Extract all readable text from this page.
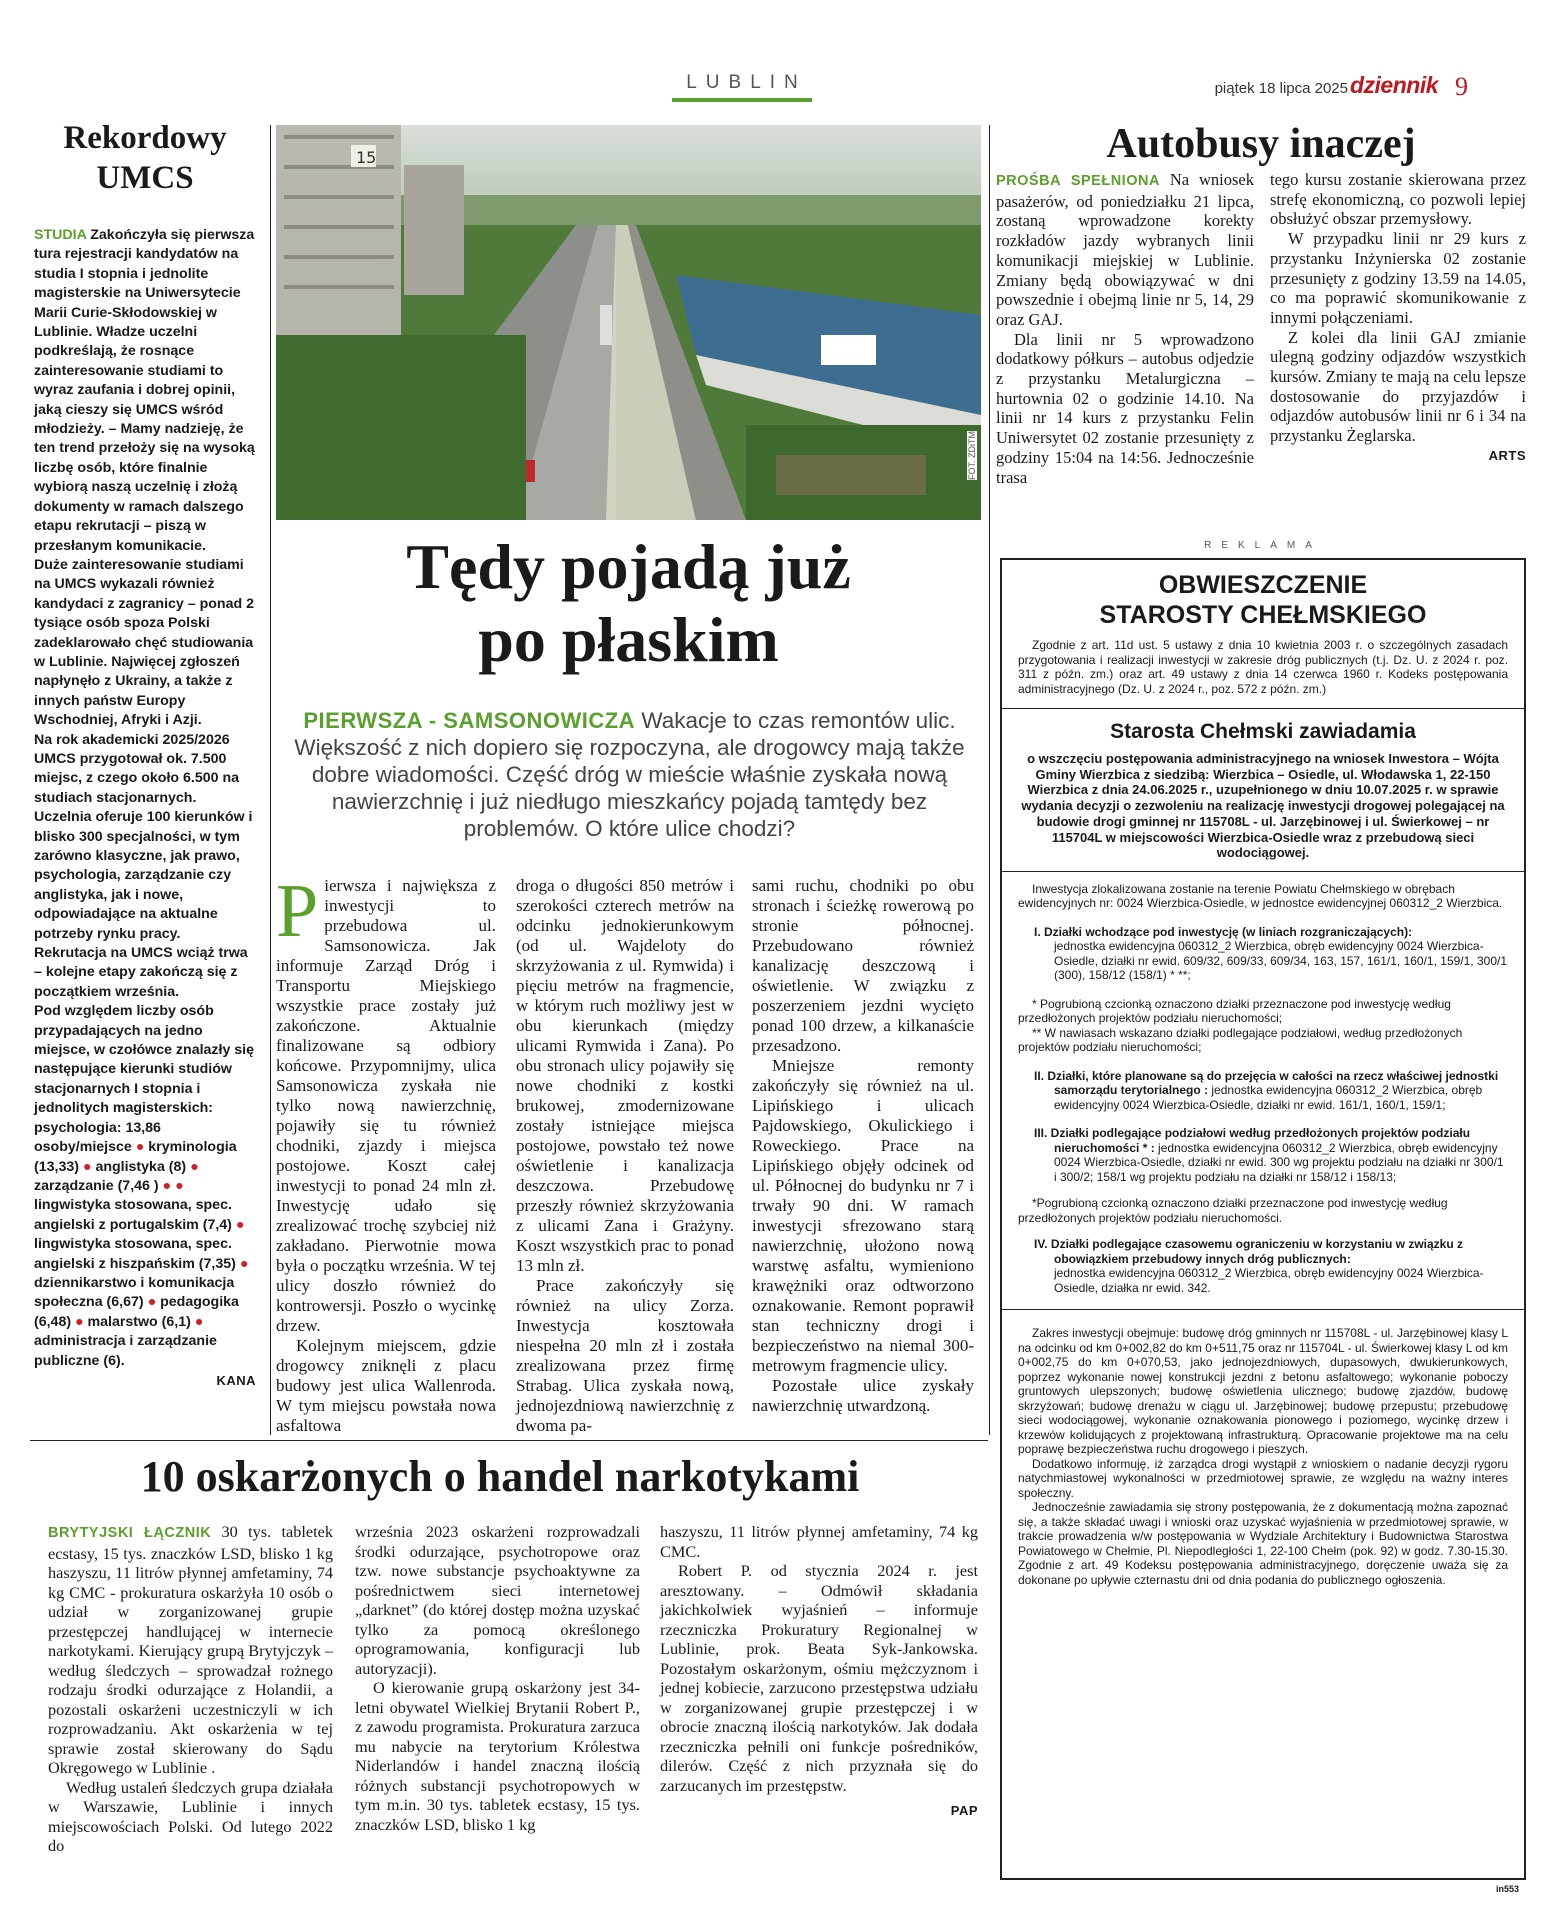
LUBLIN	piątek 18 lipca 2025 dziennik 9
Rekordowy UMCS

STUDIA Zakończyła się pierwsza tura rejestracji kandydatów na studia I stopnia i jednolite magisterskie na Uniwersytecie Marii Curie-Skłodowskiej w Lublinie. Władze uczelni podkreślają, że rosnące zainteresowanie studiami to wyraz zaufania i dobrej opinii, jaką cieszy się UMCS wśród młodzieży. – Mamy nadzieję, że ten trend przełoży się na wysoką liczbę osób, które finalnie wybiorą naszą uczelnię i złożą dokumenty w ramach dalszego etapu rekrutacji – piszą w przesłanym komunikacie.

Duże zainteresowanie studiami na UMCS wykazali również kandydaci z zagranicy – ponad 2 tysiące osób spoza Polski zadeklarowało chęć studiowania w Lublinie. Najwięcej zgłoszeń napłynęło z Ukrainy, a także z innych państw Europy Wschodniej, Afryki i Azji.

Na rok akademicki 2025/2026 UMCS przygotował ok. 7.500 miejsc, z czego około 6.500 na studiach stacjonarnych. Uczelnia oferuje 100 kierunków i blisko 300 specjalności, w tym zarówno klasyczne, jak prawo, psychologia, zarządzanie czy anglistyka, jak i nowe, odpowiadające na aktualne potrzeby rynku pracy.

Rekrutacja na UMCS wciąż trwa – kolejne etapy zakończą się z początkiem września.

Pod względem liczby osób przypadających na jedno miejsce, w czołówce znalazły się następujące kierunki studiów stacjonarnych I stopnia i jednolitych magisterskich: psychologia: 13,86 osoby/miejsce ● kryminologia (13,33) ● anglistyka (8) ● zarządzanie (7,46 ) ● ● lingwistyka stosowana, spec. angielski z portugalskim (7,4) ● lingwistyka stosowana, spec. angielski z hiszpańskim (7,35) ● dziennikarstwo i komunikacja społeczna (6,67) ● pedagogika (6,48) ● malarstwo (6,1) ● administracja i zarządzanie publiczne (6).

KANA
15
FOT. ZDiTM
Tędy pojadą już
po płaskim
PIERWSZA - SAMSONOWICZA Wakacje to czas remontów ulic. Większość z nich dopiero się rozpoczyna, ale drogowcy mają także dobre wiadomości. Część dróg w mieście właśnie zyskała nową nawierzchnię i już niedługo mieszkańcy pojadą tamtędy bez problemów. O które ulice chodzi?

Pierwsza i największa z inwestycji to przebudowa ul. Samsonowicza. Jak informuje Zarząd Dróg i Transportu Miejskiego wszystkie prace zostały już zakończone. Aktualnie finalizowane są odbiory końcowe. Przypomnijmy, ulica Samsonowicza zyskała nie tylko nową nawierzchnię, pojawiły się tu również chodniki, zjazdy i miejsca postojowe. Koszt całej inwestycji to ponad 24 mln zł. Inwestycję udało się zrealizować trochę szybciej niż zakładano. Pierwotnie mowa była o początku września. W tej ulicy doszło również do kontrowersji. Poszło o wycinkę drzew.

Kolejnym miejscem, gdzie drogowcy zniknęli z placu budowy jest ulica Wallenroda. W tym miejscu powstała nowa asfaltowa

droga o długości 850 metrów i szerokości czterech metrów na odcinku jednokierunkowym (od ul. Wajdeloty do skrzyżowania z ul. Rymwida) i pięciu metrów na fragmencie, w którym ruch możliwy jest w obu kierunkach (między ulicami Rymwida i Zana). Po obu stronach ulicy pojawiły się nowe chodniki z kostki brukowej, zmodernizowane zostały istniejące miejsca postojowe, powstało też nowe oświetlenie i kanalizacja deszczowa. Przebudowę przeszły również skrzyżowania z ulicami Zana i Grażyny. Koszt wszystkich prac to ponad 13 mln zł.

Prace zakończyły się również na ulicy Zorza. Inwestycja kosztowała niespełna 20 mln zł i została zrealizowana przez firmę Strabag. Ulica zyskała nową, jednojezdniową nawierzchnię z dwoma pa-

sami ruchu, chodniki po obu stronach i ścieżkę rowerową po stronie północnej. Przebudowano również kanalizację deszczową i oświetlenie. W związku z poszerzeniem jezdni wycięto ponad 100 drzew, a kilkanaście przesadzono.

Mniejsze remonty zakończyły się również na ul. Lipińskiego i ulicach Pajdowskiego, Okulickiego i Roweckiego. Prace na Lipińskiego objęły odcinek od ul. Północnej do budynku nr 7 i trwały 90 dni. W ramach inwestycji sfrezowano starą nawierzchnię, ułożono nową warstwę asfaltu, wymieniono krawężniki oraz odtworzono oznakowanie. Remont poprawił stan techniczny drogi i bezpieczeństwo na niemal 300-metrowym fragmencie ulicy.

Pozostałe ulice zyskały nawierzchnię utwardzoną.

Autobusy inaczej

PROŚBA SPEŁNIONA Na wniosek pasażerów, od poniedziałku 21 lipca, zostaną wprowadzone korekty rozkładów jazdy wybranych linii komunikacji miejskiej w Lublinie. Zmiany będą obowiązywać w dni powszednie i obejmą linie nr 5, 14, 29 oraz GAJ.

Dla linii nr 5 wprowadzono dodatkowy półkurs – autobus odjedzie z przystanku Metalurgiczna – hurtownia 02 o godzinie 14.10. Na linii nr 14 kurs z przystanku Felin Uniwersytet 02 zostanie przesunięty z godziny 15:04 na 14:56. Jednocześnie trasa

tego kursu zostanie skierowana przez strefę ekonomiczną, co pozwoli lepiej obsłużyć obszar przemysłowy.

W przypadku linii nr 29 kurs z przystanku Inżynierska 02 zostanie przesunięty z godziny 13.59 na 14.05, co ma poprawić skomunikowanie z innymi połączeniami.

Z kolei dla linii GAJ zmianie ulegną godziny odjazdów wszystkich kursów. Zmiany te mają na celu lepsze dostosowanie do przyjazdów i odjazdów autobusów linii nr 6 i 34 na przystanku Żeglarska.

ARTS
REKLAMA
OBWIESZCZENIE
STAROSTY CHEŁMSKIEGO

Zgodnie z art. 11d ust. 5 ustawy z dnia 10 kwietnia 2003 r. o szczególnych zasadach przygotowania i realizacji inwestycji w zakresie dróg publicznych (t.j. Dz. U. z 2024 r. poz. 311 z późn. zm.) oraz art. 49 ustawy z dnia 14 czerwca 1960 r. Kodeks postępowania administracyjnego (Dz. U. z 2024 r., poz. 572 z późn. zm.)

Starosta Chełmski zawiadamia

o wszczęciu postępowania administracyjnego na wniosek Inwestora – Wójta Gminy Wierzbica z siedzibą: Wierzbica – Osiedle, ul. Włodawska 1, 22-150 Wierzbica z dnia 24.06.2025 r., uzupełnionego w dniu 10.07.2025 r. w sprawie wydania decyzji o zezwoleniu na realizację inwestycji drogowej polegającej na budowie drogi gminnej nr 115708L - ul. Jarzębinowej i ul. Świerkowej – nr 115704L w miejscowości Wierzbica-Osiedle wraz z przebudową sieci wodociągowej.

Inwestycja zlokalizowana zostanie na terenie Powiatu Chełmskiego w obrębach ewidencyjnych nr: 0024 Wierzbica-Osiedle, w jednostce ewidencyjnej 060312_2 Wierzbica.

I. Działki wchodzące pod inwestycję (w liniach rozgraniczających):
jednostka ewidencyjna 060312_2 Wierzbica, obręb ewidencyjny 0024 Wierzbica-Osiedle, działki nr ewid. 609/32, 609/33, 609/34, 163, 157, 161/1, 160/1, 159/1, 300/1 (300), 158/12 (158/1) * **;

* Pogrubioną czcionką oznaczono działki przeznaczone pod inwestycję według przedłożonych projektów podziału nieruchomości;

** W nawiasach wskazano działki podlegające podziałowi, według przedłożonych projektów podziału nieruchomości;

II. Działki, które planowane są do przejęcia w całości na rzecz właściwej jednostki samorządu terytorialnego : jednostka ewidencyjna 060312_2 Wierzbica, obręb ewidencyjny 0024 Wierzbica-Osiedle, działki nr ewid. 161/1, 160/1, 159/1;

III. Działki podlegające podziałowi według przedłożonych projektów podziału nieruchomości * : jednostka ewidencyjna 060312_2 Wierzbica, obręb ewidencyjny 0024 Wierzbica-Osiedle, działki nr ewid. 300 wg projektu podziału na działki nr 300/1 i 300/2; 158/1 wg projektu podziału na działki nr 158/12 i 158/13;

*Pogrubioną czcionką oznaczono działki przeznaczone pod inwestycję według przedłożonych projektów podziału nieruchomości.

IV. Działki podlegające czasowemu ograniczeniu w korzystaniu w związku z obowiązkiem przebudowy innych dróg publicznych:
jednostka ewidencyjna 060312_2 Wierzbica, obręb ewidencyjny 0024 Wierzbica-Osiedle, działka nr ewid. 342.

Zakres inwestycji obejmuje: budowę dróg gminnych nr 115708L - ul. Jarzębinowej klasy L na odcinku od km 0+002,82 do km 0+511,75 oraz nr 115704L - ul. Świerkowej klasy L od km 0+002,75 do km 0+070,53, jako jednojezdniowych, dupasowych, dwukierunkowych, poprzez wykonanie nowej konstrukcji jezdni z betonu asfaltowego; wykonanie poboczy gruntowych ulepszonych; budowę oświetlenia ulicznego; budowę zjazdów, budowę skrzyżowań; budowę drenażu w ciągu ul. Jarzębinowej; budowę przepustu; przebudowę sieci wodociągowej, wykonanie oznakowania pionowego i poziomego, wycinkę drzew i krzewów kolidujących z projektowaną infrastrukturą. Opracowanie projektowe ma na celu poprawę bezpieczeństwa ruchu drogowego i pieszych.

Dodatkowo informuję, iż zarządca drogi wystąpił z wnioskiem o nadanie decyzji rygoru natychmiastowej wykonalności w przedmiotowej sprawie, ze względu na ważny interes społeczny.

Jednocześnie zawiadamia się strony postępowania, że z dokumentacją można zapoznać się, a także składać uwagi i wnioski oraz uzyskać wyjaśnienia w przedmiotowej sprawie, w trakcie prowadzenia w/w postępowania w Wydziale Architektury i Budownictwa Starostwa Powiatowego w Chełmie, Pl. Niepodległości 1, 22-100 Chełm (pok. 92) w godz. 7.30-15.30. Zgodnie z art. 49 Kodeksu postępowania administracyjnego, doręczenie uważa się za dokonane po upływie czternastu dni od dnia podania do publicznego ogłoszenia.

in553
10 oskarżonych o handel narkotykami

BRYTYJSKI ŁĄCZNIK 30 tys. tabletek ecstasy, 15 tys. znaczków LSD, blisko 1 kg haszyszu, 11 litrów płynnej amfetaminy, 74 kg CMC - prokuratura oskarżyła 10 osób o udział w zorganizowanej grupie przestępczej handlującej w internecie narkotykami. Kierujący grupą Brytyjczyk – według śledczych – sprowadzał rożnego rodzaju środki odurzające z Holandii, a pozostali oskarżeni uczestniczyli w ich rozprowadzaniu. Akt oskarżenia w tej sprawie został skierowany do Sądu Okręgowego w Lublinie .

Według ustaleń śledczych grupa działała w Warszawie, Lublinie i innych miejscowościach Polski. Od lutego 2022 do

września 2023 oskarżeni rozprowadzali środki odurzające, psychotropowe oraz tzw. nowe substancje psychoaktywne za pośrednictwem sieci internetowej „darknet” (do której dostęp można uzyskać tylko za pomocą określonego oprogramowania, konfiguracji lub autoryzacji).

O kierowanie grupą oskarżony jest 34-letni obywatel Wielkiej Brytanii Robert P., z zawodu programista. Prokuratura zarzuca mu nabycie na terytorium Królestwa Niderlandów i handel znaczną ilością różnych substancji psychotropowych w tym m.in. 30 tys. tabletek ecstasy, 15 tys. znaczków LSD, blisko 1 kg

haszyszu, 11 litrów płynnej amfetaminy, 74 kg CMC.

Robert P. od stycznia 2024 r. jest aresztowany. – Odmówił składania jakichkolwiek wyjaśnień – informuje rzeczniczka Prokuratury Regionalnej w Lublinie, prok. Beata Syk-Jankowska. Pozostałym oskarżonym, ośmiu mężczyznom i jednej kobiecie, zarzucono przestępstwa udziału w zorganizowanej grupie przestępczej i w obrocie znaczną ilością narkotyków. Jak dodała rzeczniczka pełnili oni funkcje pośredników, dilerów. Część z nich przyznała się do zarzucanych im przestępstw.

PAP
